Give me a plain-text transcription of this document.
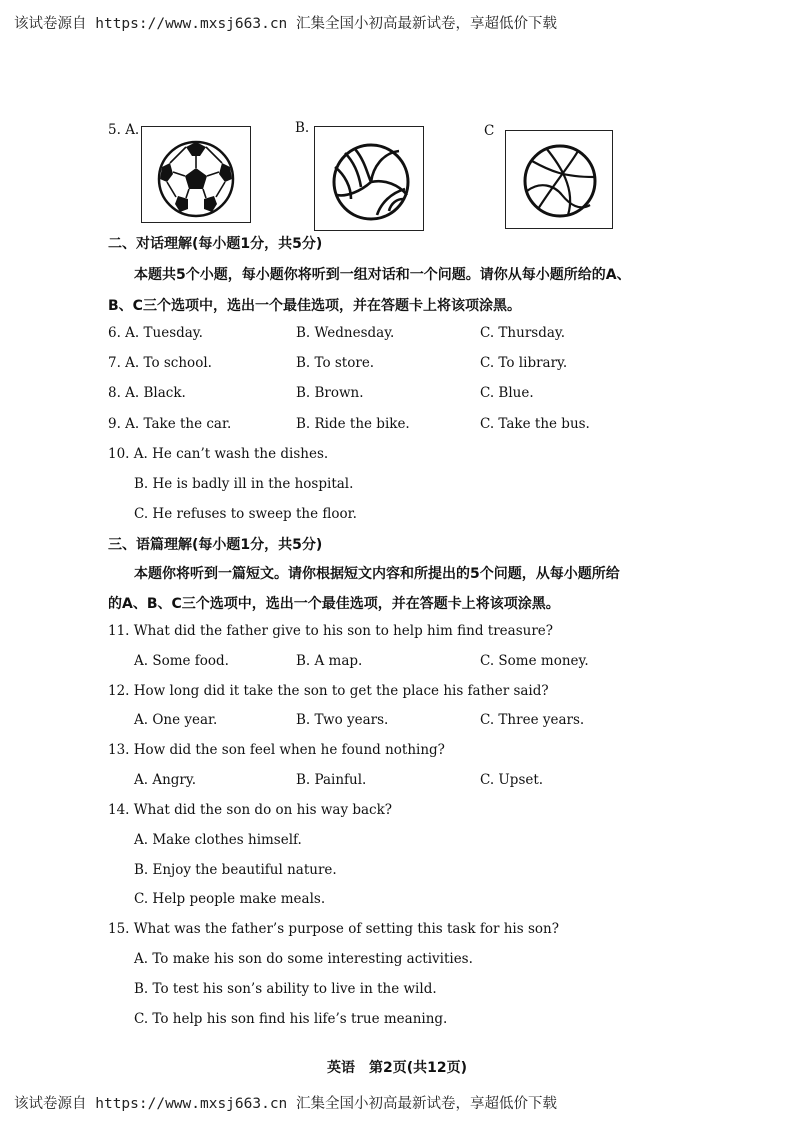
该试卷源自 https://www.mxsj663.cn 汇集全国小初高最新试卷，享超低价下载
5. A.	B.	C
二、对话理解(每小题1分，共5分)
本题共5个小题，每小题你将听到一组对话和一个问题。请你从每小题所给的A、
B、C三个选项中，选出一个最佳选项，并在答题卡上将该项涂黑。
6. A. Tuesday.	B. Wednesday.	C. Thursday.
7. A. To school.	B. To store.	C. To library.
8. A. Black.	B. Brown.	C. Blue.
9. A. Take the car.	B. Ride the bike.	C. Take the bus.
10. A. He can’t wash the dishes.
B. He is badly ill in the hospital.
C. He refuses to sweep the floor.
三、语篇理解(每小题1分，共5分)
本题你将听到一篇短文。请你根据短文内容和所提出的5个问题，从每小题所给
的A、B、C三个选项中，选出一个最佳选项，并在答题卡上将该项涂黑。
11. What did the father give to his son to help him find treasure?
A. Some food.	B. A map.	C. Some money.
12. How long did it take the son to get the place his father said?
A. One year.	B. Two years.	C. Three years.
13. How did the son feel when he found nothing?
A. Angry.	B. Painful.	C. Upset.
14. What did the son do on his way back?
A. Make clothes himself.
B. Enjoy the beautiful nature.
C. Help people make meals.
15. What was the father’s purpose of setting this task for his son?
A. To make his son do some interesting activities.
B. To test his son’s ability to live in the wild.
C. To help his son find his life’s true meaning.
英语　第2页(共12页)
该试卷源自 https://www.mxsj663.cn 汇集全国小初高最新试卷，享超低价下载
